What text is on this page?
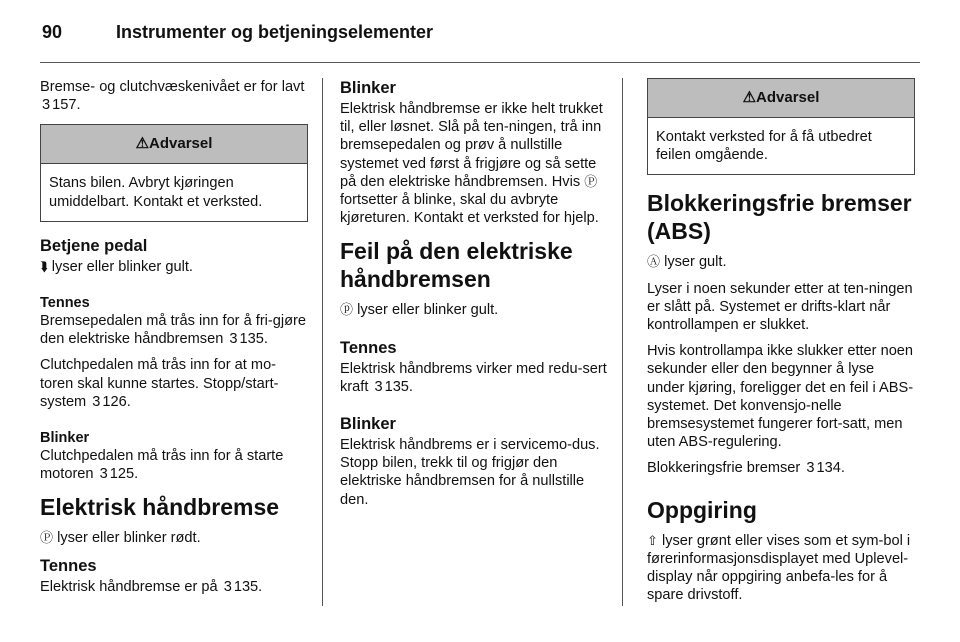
90	Instrumenter og betjeningselementer

Bremse- og clutchvæskenivået er for lavt 3 157.

⚠Advarsel
Stans bilen. Avbryt kjøringen umiddelbart. Kontakt et verksted.
Betjene pedal

⮯ lyser eller blinker gult.

Tennes

Bremsepedalen må trås inn for å fri-gjøre den elektriske håndbremsen 3 135.

Clutchpedalen må trås inn for at mo-toren skal kunne startes. Stopp/start-system 3 126.

Blinker

Clutchpedalen må trås inn for å starte motoren 3 125.

Elektrisk håndbremse

Ⓟ lyser eller blinker rødt.

Tennes

Elektrisk håndbremse er på 3 135.

Blinker

Elektrisk håndbremse er ikke helt trukket til, eller løsnet. Slå på ten-ningen, trå inn bremsepedalen og prøv å nullstille systemet ved først å frigjøre og så sette på den elektriske håndbremsen. Hvis Ⓟ fortsetter å blinke, skal du avbryte kjøreturen. Kontakt et verksted for hjelp.

Feil på den elektriske håndbremsen

ⓟ lyser eller blinker gult.

Tennes

Elektrisk håndbrems virker med redu-sert kraft 3 135.

Blinker

Elektrisk håndbrems er i servicemo-dus. Stopp bilen, trekk til og frigjør den elektriske håndbremsen for å nullstille den.

⚠Advarsel
Kontakt verksted for å få utbedret feilen omgående.
Blokkeringsfrie bremser (ABS)

Ⓐ lyser gult.

Lyser i noen sekunder etter at ten-ningen er slått på. Systemet er drifts-klart når kontrollampen er slukket.

Hvis kontrollampa ikke slukker etter noen sekunder eller den begynner å lyse under kjøring, foreligger det en feil i ABS-systemet. Det konvensjo-nelle bremsesystemet fungerer fort-satt, men uten ABS-regulering.

Blokkeringsfrie bremser 3 134.

Oppgiring

⇧ lyser grønt eller vises som et sym-bol i førerinformasjonsdisplayet med Uplevel-display når oppgiring anbefa-les for å spare drivstoff.
